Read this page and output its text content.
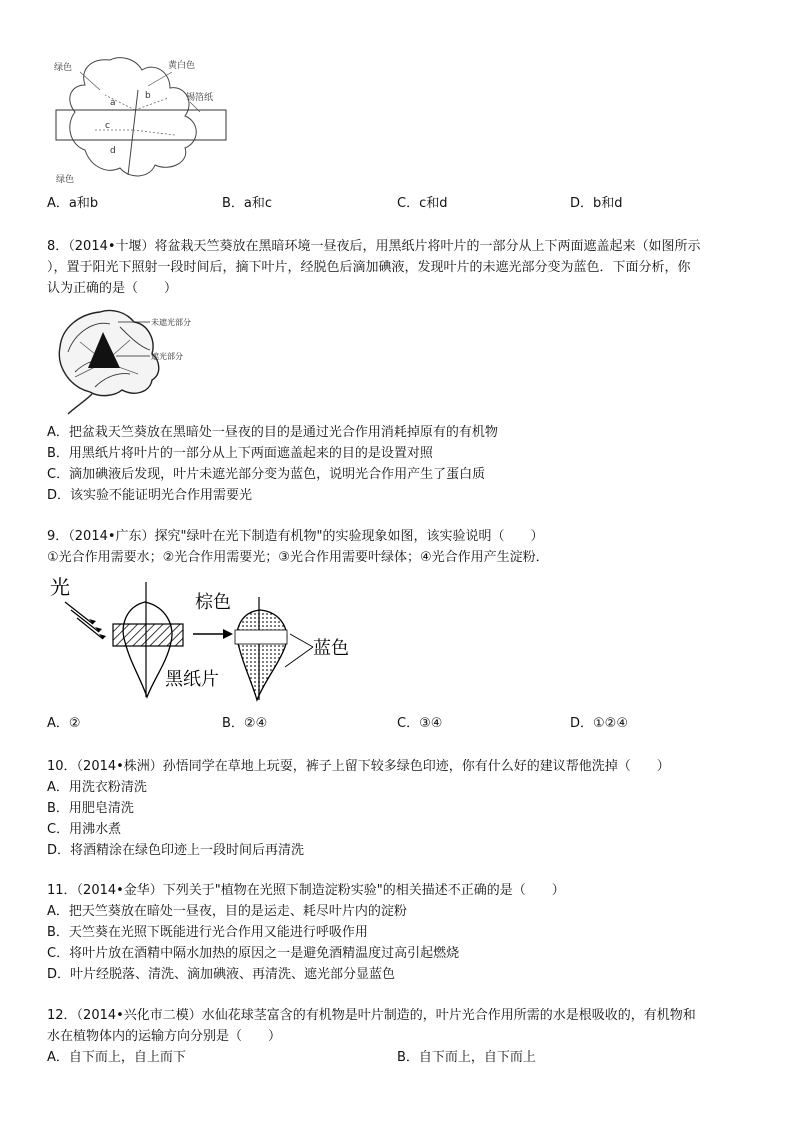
绿色	黄白色
锡箔纸
绿色
a
b
c
d
A．a和b	B．a和c	C．c和d	D．b和d
8．（2014•十堰）将盆栽天竺葵放在黑暗环境一昼夜后，用黑纸片将叶片的一部分从上下两面遮盖起来（如图所示
），置于阳光下照射一段时间后，摘下叶片，经脱色后滴加碘液，发现叶片的未遮光部分变为蓝色．下面分析，你
认为正确的是（　　）
未遮光部分
遮光部分
A．把盆栽天竺葵放在黑暗处一昼夜的目的是通过光合作用消耗掉原有的有机物
B．用黑纸片将叶片的一部分从上下两面遮盖起来的目的是设置对照
C．滴加碘液后发现，叶片未遮光部分变为蓝色，说明光合作用产生了蛋白质
D．该实验不能证明光合作用需要光
9．（2014•广东）探究"绿叶在光下制造有机物"的实验现象如图，该实验说明（　　）
①光合作用需要水；②光合作用需要光；③光合作用需要叶绿体；④光合作用产生淀粉．
光
棕色
蓝色
黑纸片
A．②	B．②④	C．③④	D．①②④
10．（2014•株洲）孙悟同学在草地上玩耍，裤子上留下较多绿色印迹，你有什么好的建议帮他洗掉（　　）
A．用洗衣粉清洗
B．用肥皂清洗
C．用沸水煮
D．将酒精涂在绿色印迹上一段时间后再清洗
11．（2014•金华）下列关于"植物在光照下制造淀粉实验"的相关描述不正确的是（　　）
A．把天竺葵放在暗处一昼夜，目的是运走、耗尽叶片内的淀粉
B．天竺葵在光照下既能进行光合作用又能进行呼吸作用
C．将叶片放在酒精中隔水加热的原因之一是避免酒精温度过高引起燃烧
D．叶片经脱落、清洗、滴加碘液、再清洗、遮光部分显蓝色
12．（2014•兴化市二模）水仙花球茎富含的有机物是叶片制造的，叶片光合作用所需的水是根吸收的，有机物和
水在植物体内的运输方向分别是（　　）
A．自下而上，自上而下	B．自下而上，自下而上
